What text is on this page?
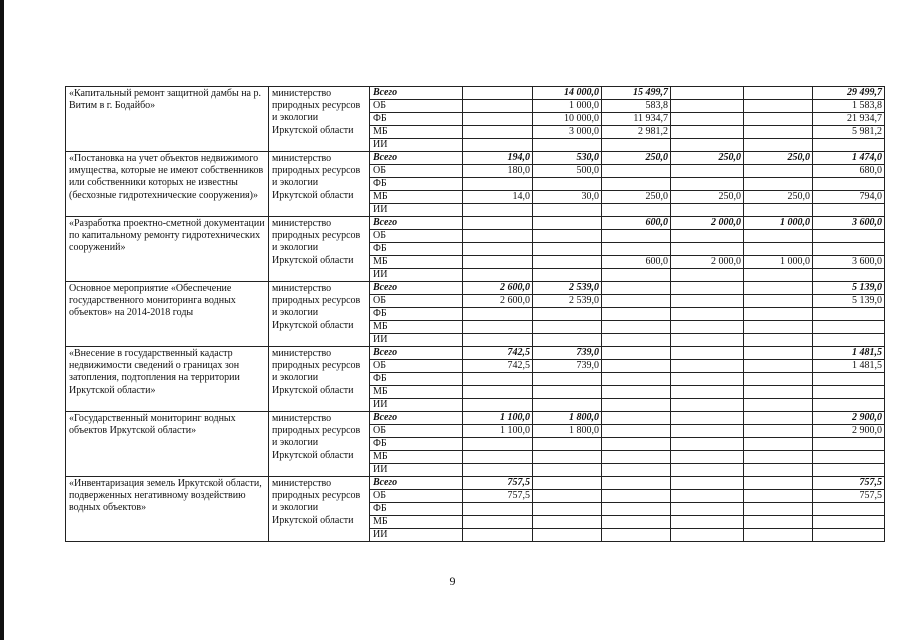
«Капитальный ремонт защитной дамбы на р. Витим в г. Бодайбо»	министерство природных ресурсов и экологии Иркутской области	Всего		14 000,0	15 499,7			29 499,7
		ОБ		1 000,0	583,8			1 583,8
		ФБ		10 000,0	11 934,7			21 934,7
		МБ		3 000,0	2 981,2			5 981,2
		ИИ						
«Постановка на учет объектов недвижимого имущества, которые не имеют собственников или собственники которых не известны (бесхозные гидротехнические сооружения)»	министерство природных ресурсов и экологии Иркутской области	Всего	194,0	530,0	250,0	250,0	250,0	1 474,0
		ОБ	180,0	500,0				680,0
		ФБ						
		МБ	14,0	30,0	250,0	250,0	250,0	794,0
		ИИ						
«Разработка проектно-сметной документации по капитальному ремонту гидротехнических сооружений»	министерство природных ресурсов и экологии Иркутской области	Всего			600,0	2 000,0	1 000,0	3 600,0
		ОБ						
		ФБ						
		МБ			600,0	2 000,0	1 000,0	3 600,0
		ИИ						
Основное мероприятие «Обеспечение государственного мониторинга водных объектов» на 2014-2018 годы	министерство природных ресурсов и экологии Иркутской области	Всего	2 600,0	2 539,0				5 139,0
		ОБ	2 600,0	2 539,0				5 139,0
		ФБ						
		МБ						
		ИИ						
«Внесение в государственный кадастр недвижимости сведений о границах зон затопления, подтопления на территории Иркутской области»	министерство природных ресурсов и экологии Иркутской области	Всего	742,5	739,0				1 481,5
		ОБ	742,5	739,0				1 481,5
		ФБ						
		МБ						
		ИИ						
«Государственный мониторинг водных объектов Иркутской области»	министерство природных ресурсов и экологии Иркутской области	Всего	1 100,0	1 800,0				2 900,0
		ОБ	1 100,0	1 800,0				2 900,0
		ФБ						
		МБ						
		ИИ						
«Инвентаризация земель Иркутской области, подверженных негативному воздействию водных объектов»	министерство природных ресурсов и экологии Иркутской области	Всего	757,5					757,5
		ОБ	757,5					757,5
		ФБ						
		МБ						
		ИИ						
9
